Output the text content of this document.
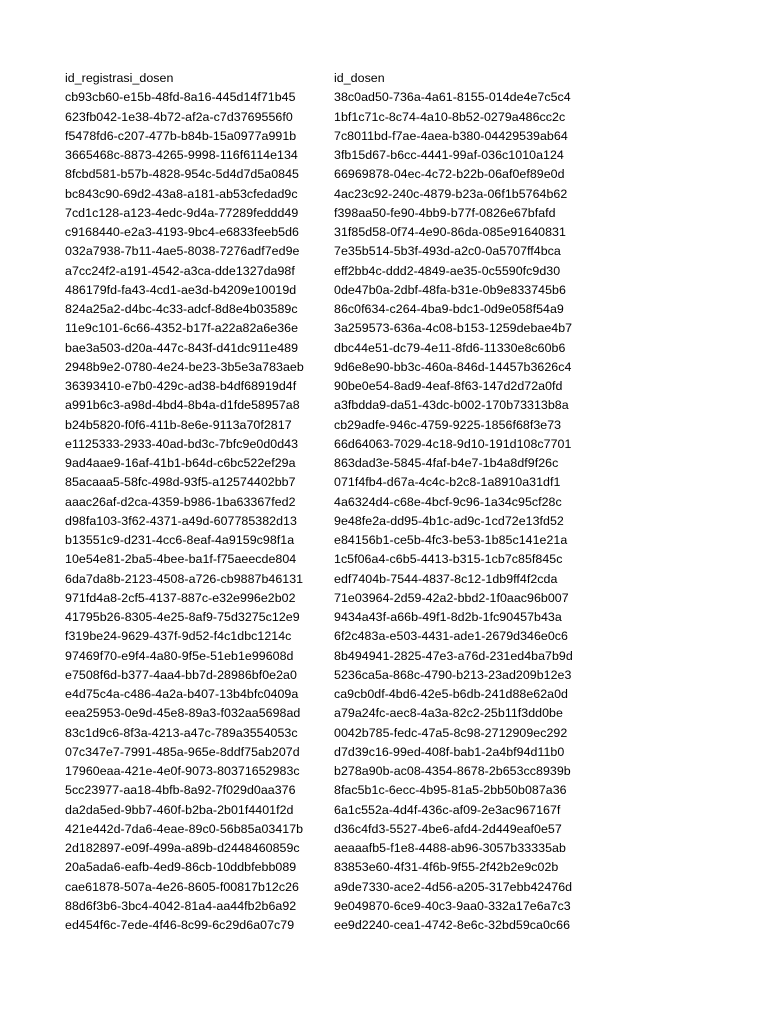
id_registrasi_dosen
cb93cb60-e15b-48fd-8a16-445d14f71b45
623fb042-1e38-4b72-af2a-c7d3769556f0
f5478fd6-c207-477b-b84b-15a0977a991b
3665468c-8873-4265-9998-116f6114e134
8fcbd581-b57b-4828-954c-5d4d7d5a0845
bc843c90-69d2-43a8-a181-ab53cfedad9c
7cd1c128-a123-4edc-9d4a-77289feddd49
c9168440-e2a3-4193-9bc4-e6833feeb5d6
032a7938-7b11-4ae5-8038-7276adf7ed9e
a7cc24f2-a191-4542-a3ca-dde1327da98f
486179fd-fa43-4cd1-ae3d-b4209e10019d
824a25a2-d4bc-4c33-adcf-8d8e4b03589c
11e9c101-6c66-4352-b17f-a22a82a6e36e
bae3a503-d20a-447c-843f-d41dc911e489
2948b9e2-0780-4e24-be23-3b5e3a783aeb
36393410-e7b0-429c-ad38-b4df68919d4f
a991b6c3-a98d-4bd4-8b4a-d1fde58957a8
b24b5820-f0f6-411b-8e6e-9113a70f2817
e1125333-2933-40ad-bd3c-7bfc9e0d0d43
9ad4aae9-16af-41b1-b64d-c6bc522ef29a
85acaaa5-58fc-498d-93f5-a12574402bb7
aaac26af-d2ca-4359-b986-1ba63367fed2
d98fa103-3f62-4371-a49d-607785382d13
b13551c9-d231-4cc6-8eaf-4a9159c98f1a
10e54e81-2ba5-4bee-ba1f-f75aeecde804
6da7da8b-2123-4508-a726-cb9887b46131
971fd4a8-2cf5-4137-887c-e32e996e2b02
41795b26-8305-4e25-8af9-75d3275c12e9
f319be24-9629-437f-9d52-f4c1dbc1214c
97469f70-e9f4-4a80-9f5e-51eb1e99608d
e7508f6d-b377-4aa4-bb7d-28986bf0e2a0
e4d75c4a-c486-4a2a-b407-13b4bfc0409a
eea25953-0e9d-45e8-89a3-f032aa5698ad
83c1d9c6-8f3a-4213-a47c-789a3554053c
07c347e7-7991-485a-965e-8ddf75ab207d
17960eaa-421e-4e0f-9073-80371652983c
5cc23977-aa18-4bfb-8a92-7f029d0aa376
da2da5ed-9bb7-460f-b2ba-2b01f4401f2d
421e442d-7da6-4eae-89c0-56b85a03417b
2d182897-e09f-499a-a89b-d2448460859c
20a5ada6-eafb-4ed9-86cb-10ddbfebb089
cae61878-507a-4e26-8605-f00817b12c26
88d6f3b6-3bc4-4042-81a4-aa44fb2b6a92
ed454f6c-7ede-4f46-8c99-6c29d6a07c79
id_dosen
38c0ad50-736a-4a61-8155-014de4e7c5c4
1bf1c71c-8c74-4a10-8b52-0279a486cc2c
7c8011bd-f7ae-4aea-b380-04429539ab64
3fb15d67-b6cc-4441-99af-036c1010a124
66969878-04ec-4c72-b22b-06af0ef89e0d
4ac23c92-240c-4879-b23a-06f1b5764b62
f398aa50-fe90-4bb9-b77f-0826e67bfafd
31f85d58-0f74-4e90-86da-085e91640831
7e35b514-5b3f-493d-a2c0-0a5707ff4bca
eff2bb4c-ddd2-4849-ae35-0c5590fc9d30
0de47b0a-2dbf-48fa-b31e-0b9e833745b6
86c0f634-c264-4ba9-bdc1-0d9e058f54a9
3a259573-636a-4c08-b153-1259debae4b7
dbc44e51-dc79-4e11-8fd6-11330e8c60b6
9d6e8e90-bb3c-460a-846d-14457b3626c4
90be0e54-8ad9-4eaf-8f63-147d2d72a0fd
a3fbdda9-da51-43dc-b002-170b73313b8a
cb29adfe-946c-4759-9225-1856f68f3e73
66d64063-7029-4c18-9d10-191d108c7701
863dad3e-5845-4faf-b4e7-1b4a8df9f26c
071f4fb4-d67a-4c4c-b2c8-1a8910a31df1
4a6324d4-c68e-4bcf-9c96-1a34c95cf28c
9e48fe2a-dd95-4b1c-ad9c-1cd72e13fd52
e84156b1-ce5b-4fc3-be53-1b85c141e21a
1c5f06a4-c6b5-4413-b315-1cb7c85f845c
edf7404b-7544-4837-8c12-1db9ff4f2cda
71e03964-2d59-42a2-bbd2-1f0aac96b007
9434a43f-a66b-49f1-8d2b-1fc90457b43a
6f2c483a-e503-4431-ade1-2679d346e0c6
8b494941-2825-47e3-a76d-231ed4ba7b9d
5236ca5a-868c-4790-b213-23ad209b12e3
ca9cb0df-4bd6-42e5-b6db-241d88e62a0d
a79a24fc-aec8-4a3a-82c2-25b11f3dd0be
0042b785-fedc-47a5-8c98-2712909ec292
d7d39c16-99ed-408f-bab1-2a4bf94d11b0
b278a90b-ac08-4354-8678-2b653cc8939b
8fac5b1c-6ecc-4b95-81a5-2bb50b087a36
6a1c552a-4d4f-436c-af09-2e3ac967167f
d36c4fd3-5527-4be6-afd4-2d449eaf0e57
aeaaafb5-f1e8-4488-ab96-3057b33335ab
83853e60-4f31-4f6b-9f55-2f42b2e9c02b
a9de7330-ace2-4d56-a205-317ebb42476d
9e049870-6ce9-40c3-9aa0-332a17e6a7c3
ee9d2240-cea1-4742-8e6c-32bd59ca0c66
